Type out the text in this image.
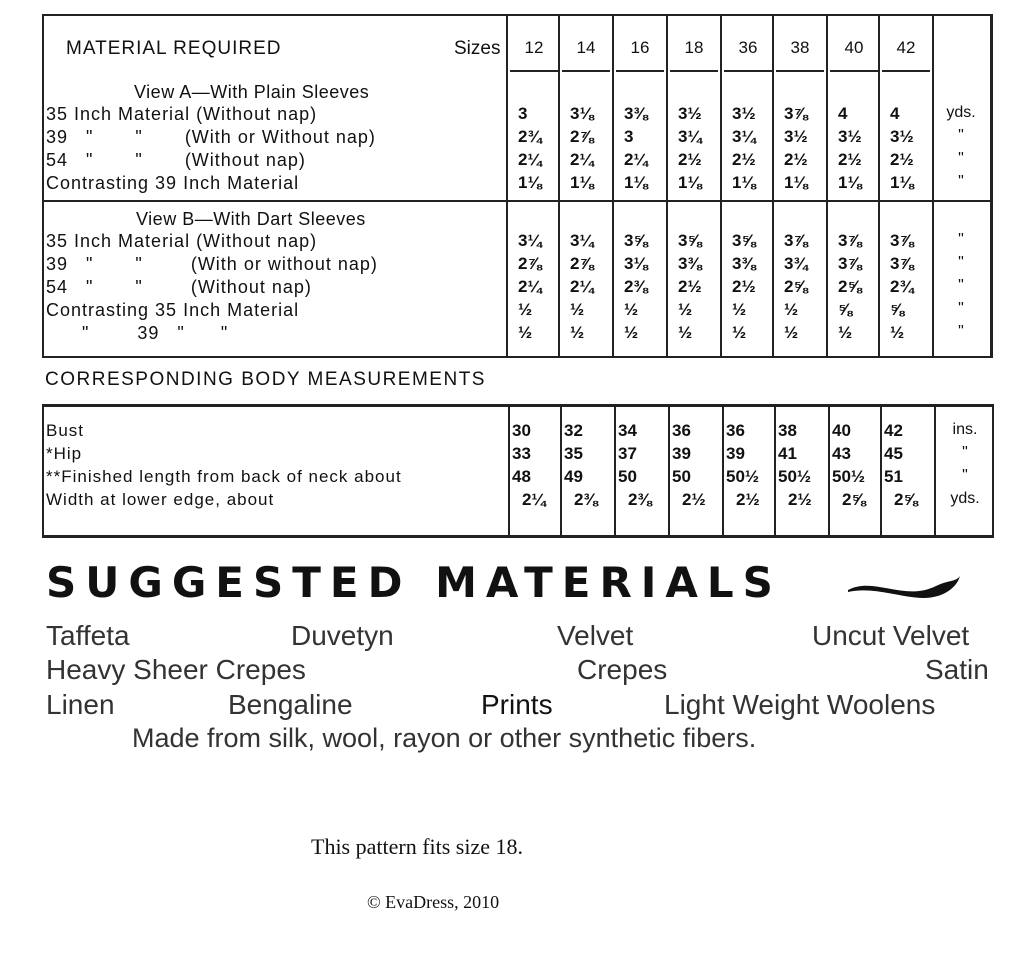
MATERIAL REQUIRED	Sizes
View A—With Plain Sleeves
View B—With Dart Sleeves
12	14	16	18	36	38	40	42
35 Inch Material (Without nap)	3	3⅛	3⅜	3½	3½	3⅞	4	4	yds.
39   "       "       (With or Without nap)	2¾	2⅞	3	3¼	3¼	3½	3½	3½	"
54   "       "       (Without nap)	2¼	2¼	2¼	2½	2½	2½	2½	2½	"
Contrasting 39 Inch Material	1⅛	1⅛	1⅛	1⅛	1⅛	1⅛	1⅛	1⅛	"
35 Inch Material (Without nap)	3¼	3¼	3⅝	3⅝	3⅝	3⅞	3⅞	3⅞	"
39   "       "        (With or without nap)	2⅞	2⅞	3⅛	3⅜	3⅜	3¾	3⅞	3⅞	"
54   "       "        (Without nap)	2¼	2¼	2⅜	2½	2½	2⅝	2⅝	2¾	"
Contrasting 35 Inch Material	½	½	½	½	½	½	⅝	⅝	"
"        39   "      "	½	½	½	½	½	½	½	½	"
CORRESPONDING BODY MEASUREMENTS
Bust	30 32 34 36 36 38 40 42	ins.
*Hip	33 35 37 39 39 41 43 45	"
**Finished length from back of neck about	48 49 50 50 50½ 50½ 50½ 51	"
Width at lower edge, about	2¼ 2⅜ 2⅜ 2½ 2½ 2½ 2⅝ 2⅝	yds.
SUGGESTED MATERIALS
Taffeta	Duvetyn	Velvet	Uncut Velvet
Heavy Sheer Crepes	Crepes	Satin
Linen	Bengaline	Prints	Light Weight Woolens
Made from silk, wool, rayon or other synthetic fibers.
This pattern fits size 18.
© EvaDress, 2010
